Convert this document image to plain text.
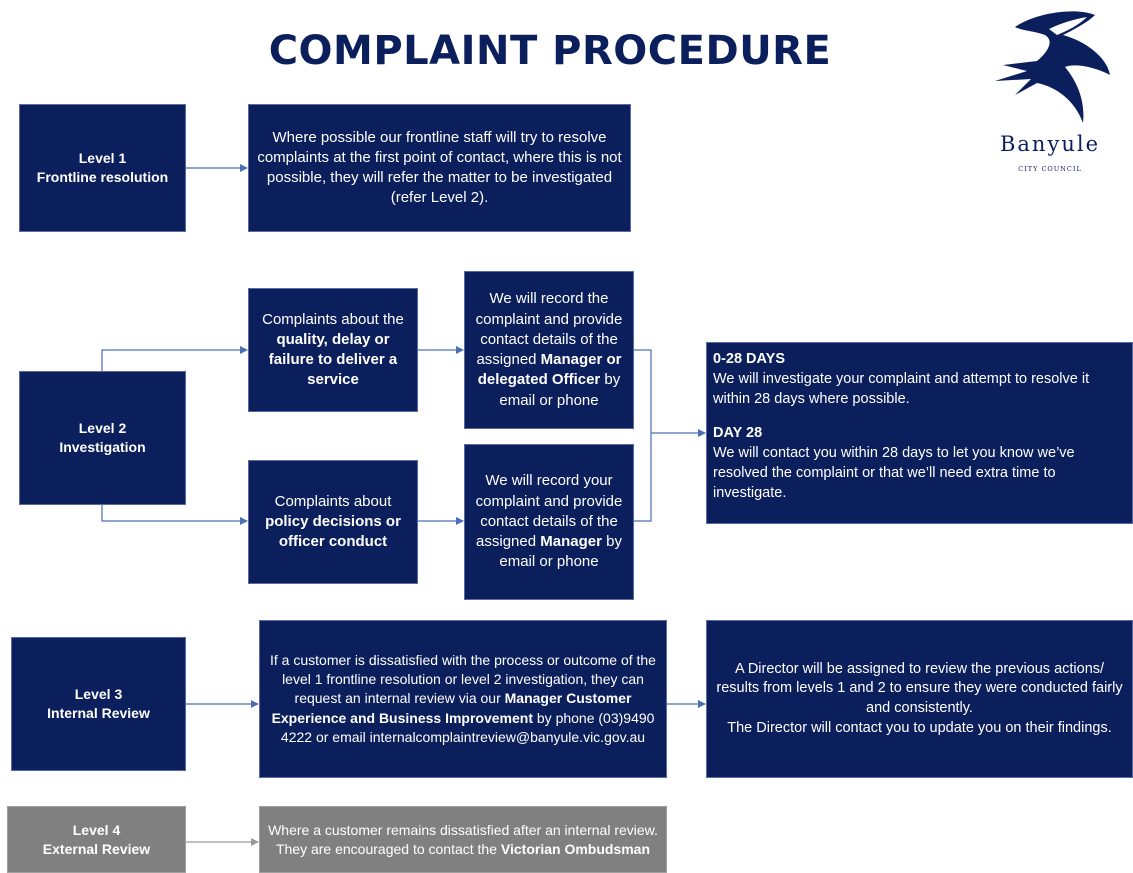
COMPLAINT PROCEDURE
Banyule
CITY COUNCIL
Level 1
Frontline resolution
Where possible our frontline staff will try to resolve complaints at the first point of contact, where this is not possible, they will refer the matter to be investigated (refer Level 2).
Level 2
Investigation
Complaints about the quality, delay or failure to deliver a service
Complaints about policy decisions or officer conduct
We will record the complaint and provide contact details of the assigned Manager or delegated Officer by email or phone
We will record your complaint and provide contact details of the assigned Manager by email or phone
0-28 DAYS
We will investigate your complaint and attempt to resolve it within 28 days where possible.
DAY 28
We will contact you within 28 days to let you know we’ve resolved the complaint or that we’ll need extra time to investigate.
Level 3
Internal Review
If a customer is dissatisfied with the process or outcome of the level 1 frontline resolution or level 2 investigation, they can request an internal review via our Manager Customer Experience and Business Improvement by phone (03)9490 4222 or email internalcomplaintreview@banyule.vic.gov.au
A Director will be assigned to review the previous actions/ results from levels 1 and 2 to ensure they were conducted fairly and consistently.
The Director will contact you to update you on their findings.
Level 4
External Review
Where a customer remains dissatisfied after an internal review. They are encouraged to contact the Victorian Ombudsman
